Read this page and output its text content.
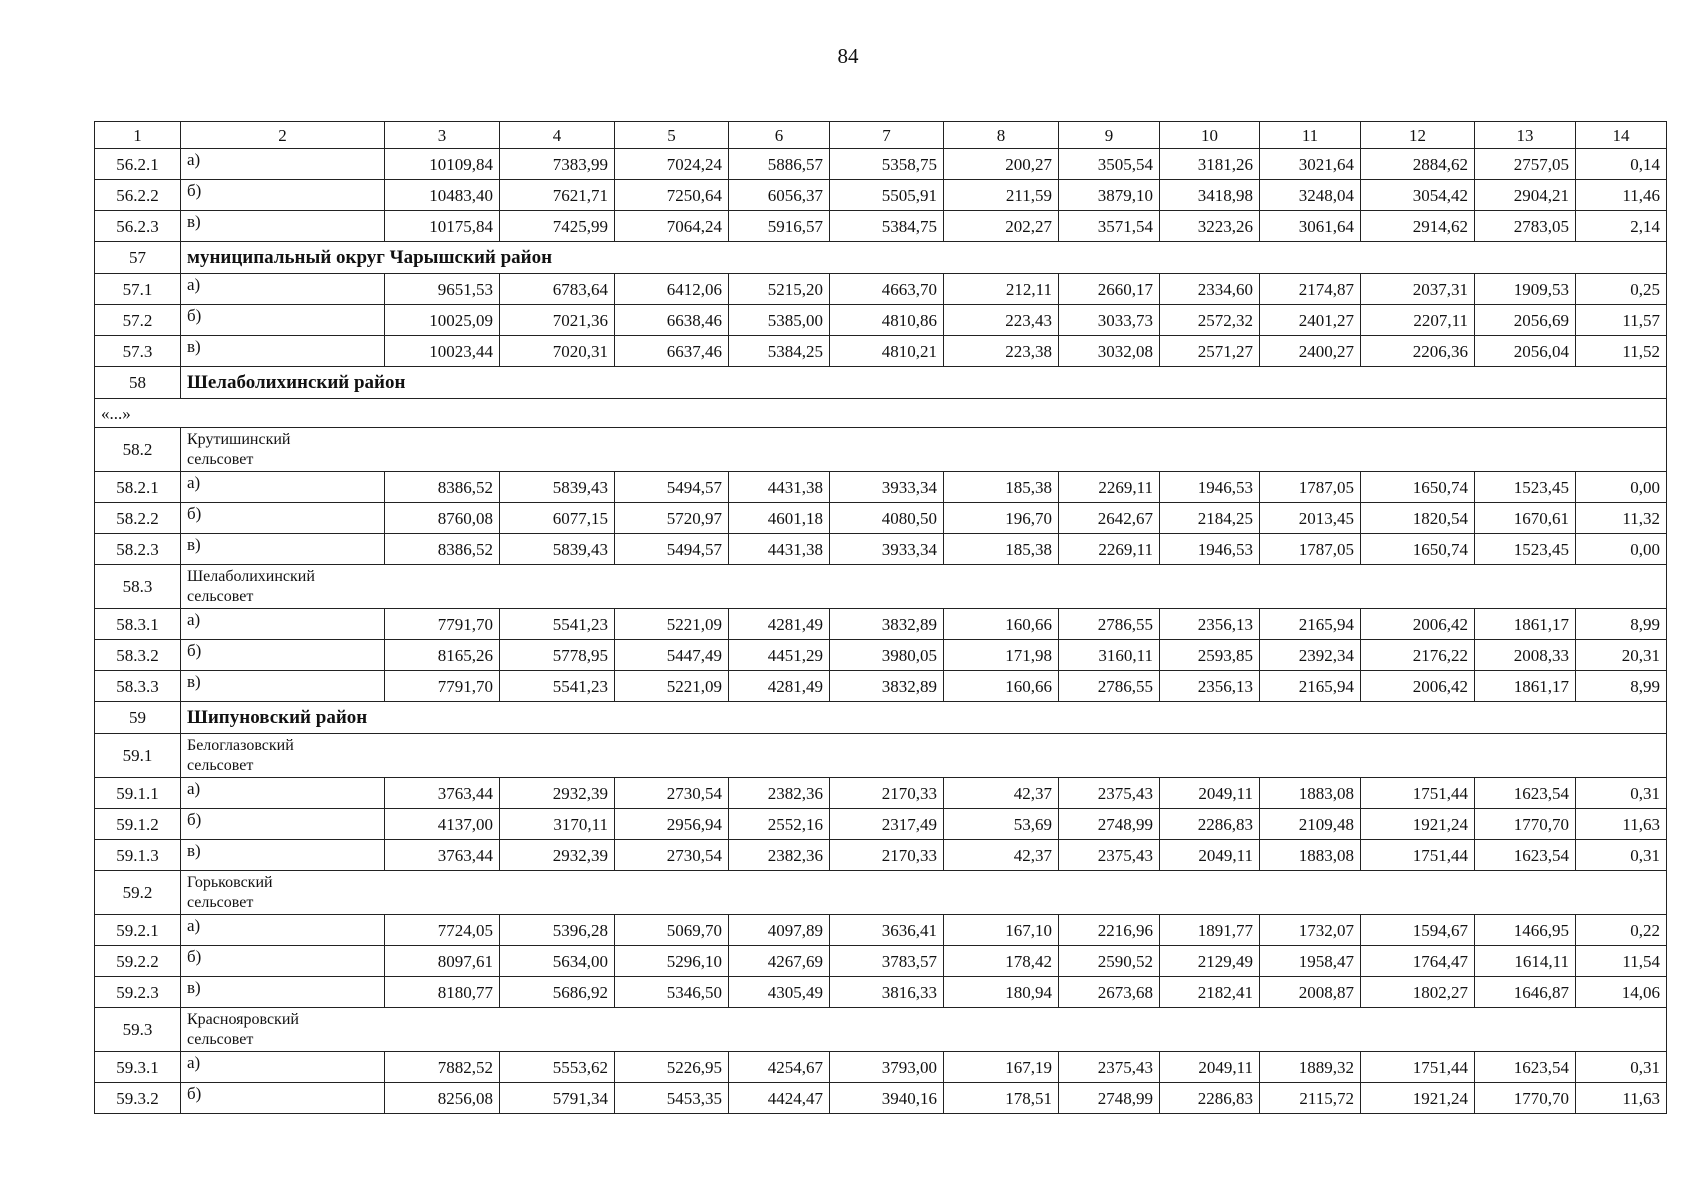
84
1	2	3	4	5	6	7	8	9	10	11	12	13	14
56.2.1	а)	10109,84	7383,99	7024,24	5886,57	5358,75	200,27	3505,54	3181,26	3021,64	2884,62	2757,05	0,14
56.2.2	б)	10483,40	7621,71	7250,64	6056,37	5505,91	211,59	3879,10	3418,98	3248,04	3054,42	2904,21	11,46
56.2.3	в)	10175,84	7425,99	7064,24	5916,57	5384,75	202,27	3571,54	3223,26	3061,64	2914,62	2783,05	2,14
57	муниципальный округ Чарышский район												
57.1	а)	9651,53	6783,64	6412,06	5215,20	4663,70	212,11	2660,17	2334,60	2174,87	2037,31	1909,53	0,25
57.2	б)	10025,09	7021,36	6638,46	5385,00	4810,86	223,43	3033,73	2572,32	2401,27	2207,11	2056,69	11,57
57.3	в)	10023,44	7020,31	6637,46	5384,25	4810,21	223,38	3032,08	2571,27	2400,27	2206,36	2056,04	11,52
58	Шелаболихинский район												
«...»													
58.2	Крутишинский
сельсовет												

58.2.1	а)	8386,52	5839,43	5494,57	4431,38	3933,34	185,38	2269,11	1946,53	1787,05	1650,74	1523,45	0,00
58.2.2	б)	8760,08	6077,15	5720,97	4601,18	4080,50	196,70	2642,67	2184,25	2013,45	1820,54	1670,61	11,32
58.2.3	в)	8386,52	5839,43	5494,57	4431,38	3933,34	185,38	2269,11	1946,53	1787,05	1650,74	1523,45	0,00
58.3	Шелаболихинский
сельсовет												

58.3.1	а)	7791,70	5541,23	5221,09	4281,49	3832,89	160,66	2786,55	2356,13	2165,94	2006,42	1861,17	8,99
58.3.2	б)	8165,26	5778,95	5447,49	4451,29	3980,05	171,98	3160,11	2593,85	2392,34	2176,22	2008,33	20,31
58.3.3	в)	7791,70	5541,23	5221,09	4281,49	3832,89	160,66	2786,55	2356,13	2165,94	2006,42	1861,17	8,99
59	Шипуновский район												
59.1	Белоглазовский
сельсовет												

59.1.1	а)	3763,44	2932,39	2730,54	2382,36	2170,33	42,37	2375,43	2049,11	1883,08	1751,44	1623,54	0,31
59.1.2	б)	4137,00	3170,11	2956,94	2552,16	2317,49	53,69	2748,99	2286,83	2109,48	1921,24	1770,70	11,63
59.1.3	в)	3763,44	2932,39	2730,54	2382,36	2170,33	42,37	2375,43	2049,11	1883,08	1751,44	1623,54	0,31
59.2	Горьковский
сельсовет												

59.2.1	а)	7724,05	5396,28	5069,70	4097,89	3636,41	167,10	2216,96	1891,77	1732,07	1594,67	1466,95	0,22
59.2.2	б)	8097,61	5634,00	5296,10	4267,69	3783,57	178,42	2590,52	2129,49	1958,47	1764,47	1614,11	11,54
59.2.3	в)	8180,77	5686,92	5346,50	4305,49	3816,33	180,94	2673,68	2182,41	2008,87	1802,27	1646,87	14,06
59.3	Краснояровский
сельсовет												

59.3.1	а)	7882,52	5553,62	5226,95	4254,67	3793,00	167,19	2375,43	2049,11	1889,32	1751,44	1623,54	0,31
59.3.2	б)	8256,08	5791,34	5453,35	4424,47	3940,16	178,51	2748,99	2286,83	2115,72	1921,24	1770,70	11,63
